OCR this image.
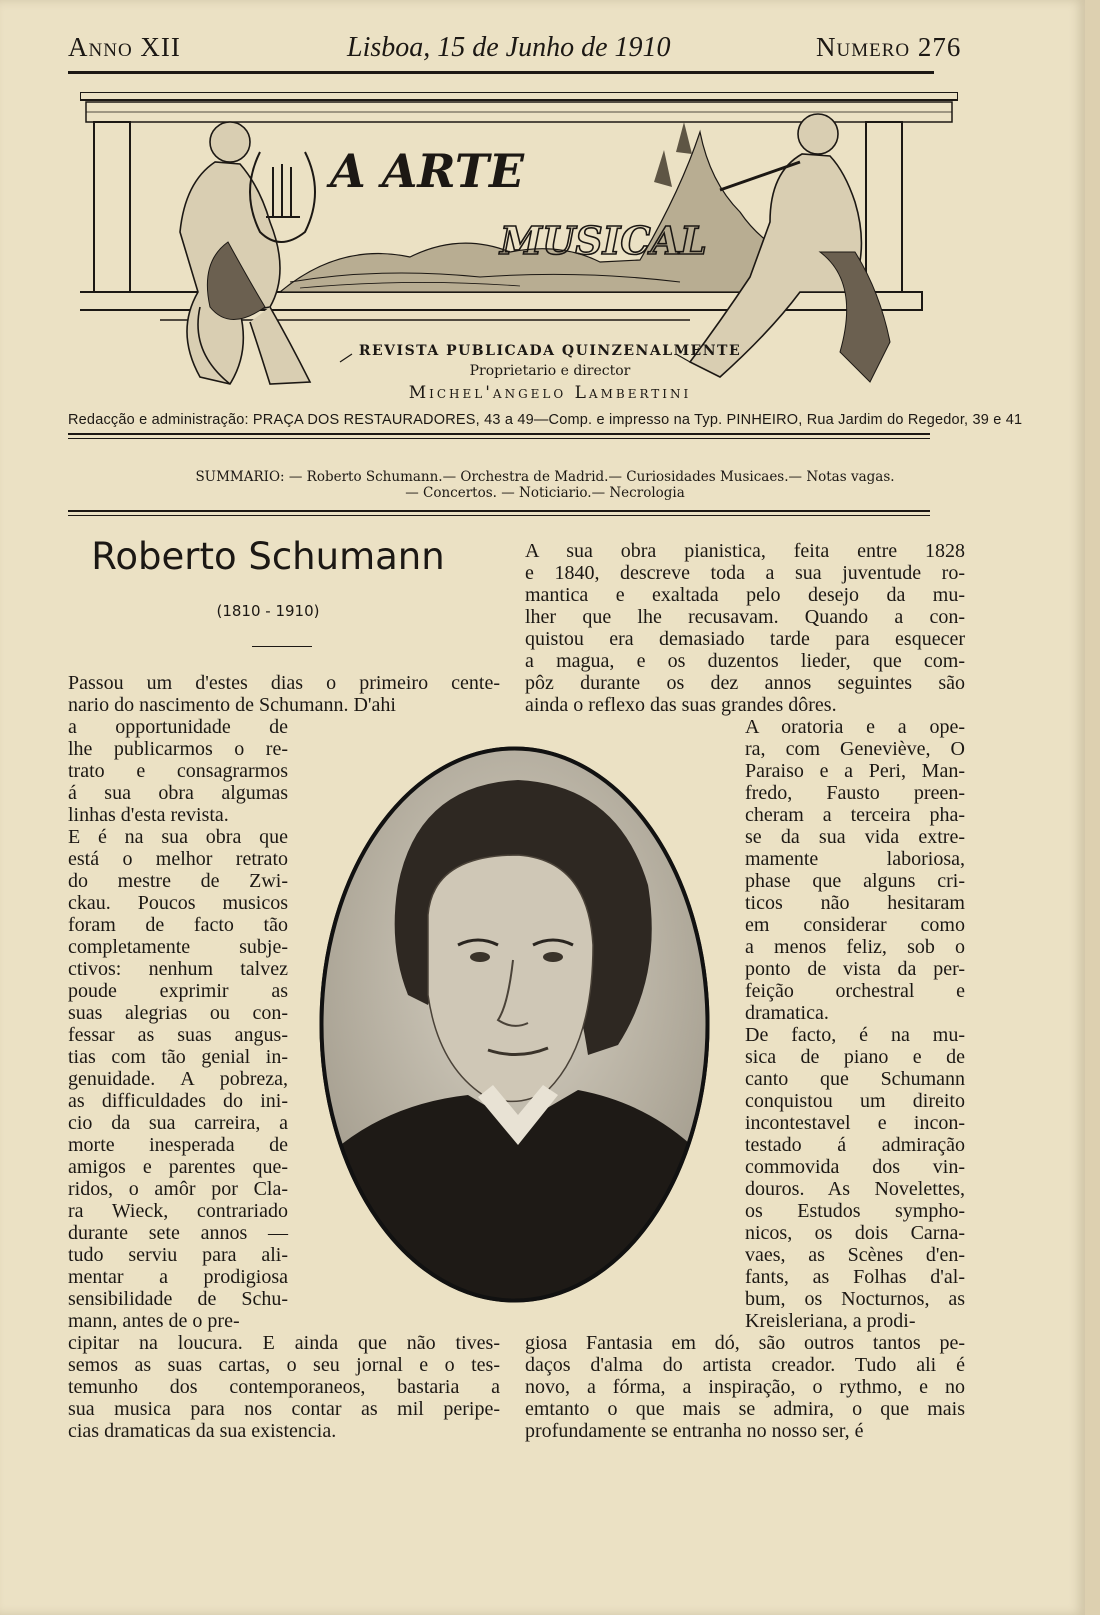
Anno XII	Lisboa, 15 de Junho de 1910	Numero 276
A ARTE
MUSICAL
REVISTA PUBLICADA QUINZENALMENTE
Proprietario e director
Michel'angelo Lambertini
Redacção e administração: PRAÇA DOS RESTAURADORES, 43 a 49—Comp. e impresso na Typ. PINHEIRO, Rua Jardim do Regedor, 39 e 41
SUMMARIO: — Roberto Schumann.— Orchestra de Madrid.— Curiosidades Musicaes.— Notas vagas.
— Concertos. — Noticiario.— Necrologia
Roberto Schumann
(1810 - 1910)
Passou um d'estes dias o primeiro cente-
nario do nascimento de Schumann. D'ahi
a opportunidade de
lhe publicarmos o re-
trato e consagrarmos
á sua obra algumas
linhas d'esta revista.
E é na sua obra que
está o melhor retrato
do mestre de Zwi-
ckau. Poucos musicos
foram de facto tão
completamente subje-
ctivos: nenhum talvez
poude exprimir as
suas alegrias ou con-
fessar as suas angus-
tias com tão genial in-
genuidade. A pobreza,
as difficuldades do ini-
cio da sua carreira, a
morte inesperada de
amigos e parentes que-
ridos, o amôr por Cla-
ra Wieck, contrariado
durante sete annos —
tudo serviu para ali-
mentar a prodigiosa
sensibilidade de Schu-
mann, antes de o pre-
cipitar na loucura. E ainda que não tives-
semos as suas cartas, o seu jornal e o tes-
temunho dos contemporaneos, bastaria a
sua musica para nos contar as mil peripe-
cias dramaticas da sua existencia.
A sua obra pianistica, feita entre 1828
e 1840, descreve toda a sua juventude ro-
mantica e exaltada pelo desejo da mu-
lher que lhe recusavam. Quando a con-
quistou era demasiado tarde para esquecer
a magua, e os duzentos lieder, que com-
pôz durante os dez annos seguintes são
ainda o reflexo das suas grandes dôres.
A oratoria e a ope-
ra, com Geneviève, O
Paraiso e a Peri, Man-
fredo, Fausto preen-
cheram a terceira pha-
se da sua vida extre-
mamente laboriosa,
phase que alguns cri-
ticos não hesitaram
em considerar como
a menos feliz, sob o
ponto de vista da per-
feição orchestral e
dramatica.
De facto, é na mu-
sica de piano e de
canto que Schumann
conquistou um direito
incontestavel e incon-
testado á admiração
commovida dos vin-
douros. As Novelettes,
os Estudos sympho-
nicos, os dois Carna-
vaes, as Scènes d'en-
fants, as Folhas d'al-
bum, os Nocturnos, as
Kreisleriana, a prodi-
giosa Fantasia em dó, são outros tantos pe-
daços d'alma do artista creador. Tudo ali é
novo, a fórma, a inspiração, o rythmo, e no
emtanto o que mais se admira, o que mais
profundamente se entranha no nosso ser, é
